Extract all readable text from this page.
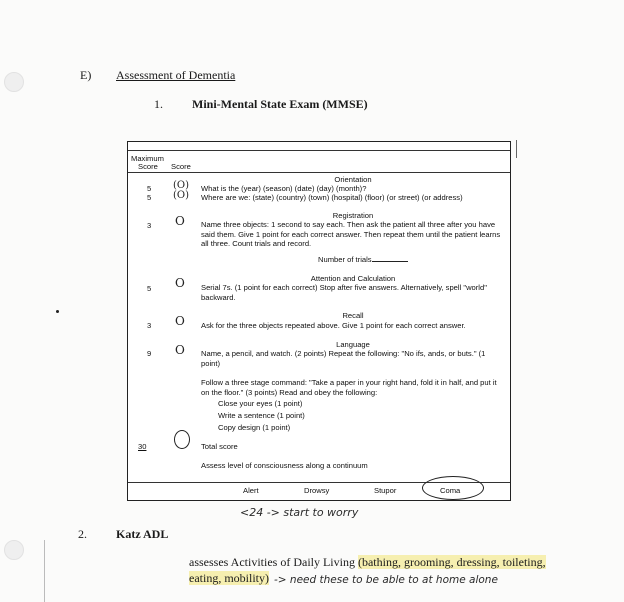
E) Assessment of Dementia
1. Mini-Mental State Exam (MMSE)
Maximum
Score Score
Orientation
5 (O) What is the (year) (season) (date) (day) (month)?
5 (O) Where are we: (state) (country) (town) (hospital) (floor) (or street) (or address)
Registration
3 O Name three objects: 1 second to say each. Then ask the patient all three after you have said them. Give 1 point for each correct answer. Then repeat them until the patient learns all three. Count trials and record.
Number of trials
Attention and Calculation
5 O Serial 7s. (1 point for each correct) Stop after five answers. Alternatively, spell "world" backward.
Recall
3 O Ask for the three objects repeated above. Give 1 point for each correct answer.
Language
9 O Name, a pencil, and watch. (2 points) Repeat the following: "No ifs, ands, or buts." (1 point)
Follow a three stage command: "Take a paper in your right hand, fold it in half, and put it on the floor." (3 points) Read and obey the following:
Close your eyes (1 point)
Write a sentence (1 point)
Copy design (1 point)
30	Total score
Assess level of consciousness along a continuum
Alert	Drowsy	Stupor	Coma
<24 -> start to worry
2. Katz ADL
assesses Activities of Daily Living (bathing, grooming, dressing, toileting,
eating, mobility) -> need these to be able to at home alone
